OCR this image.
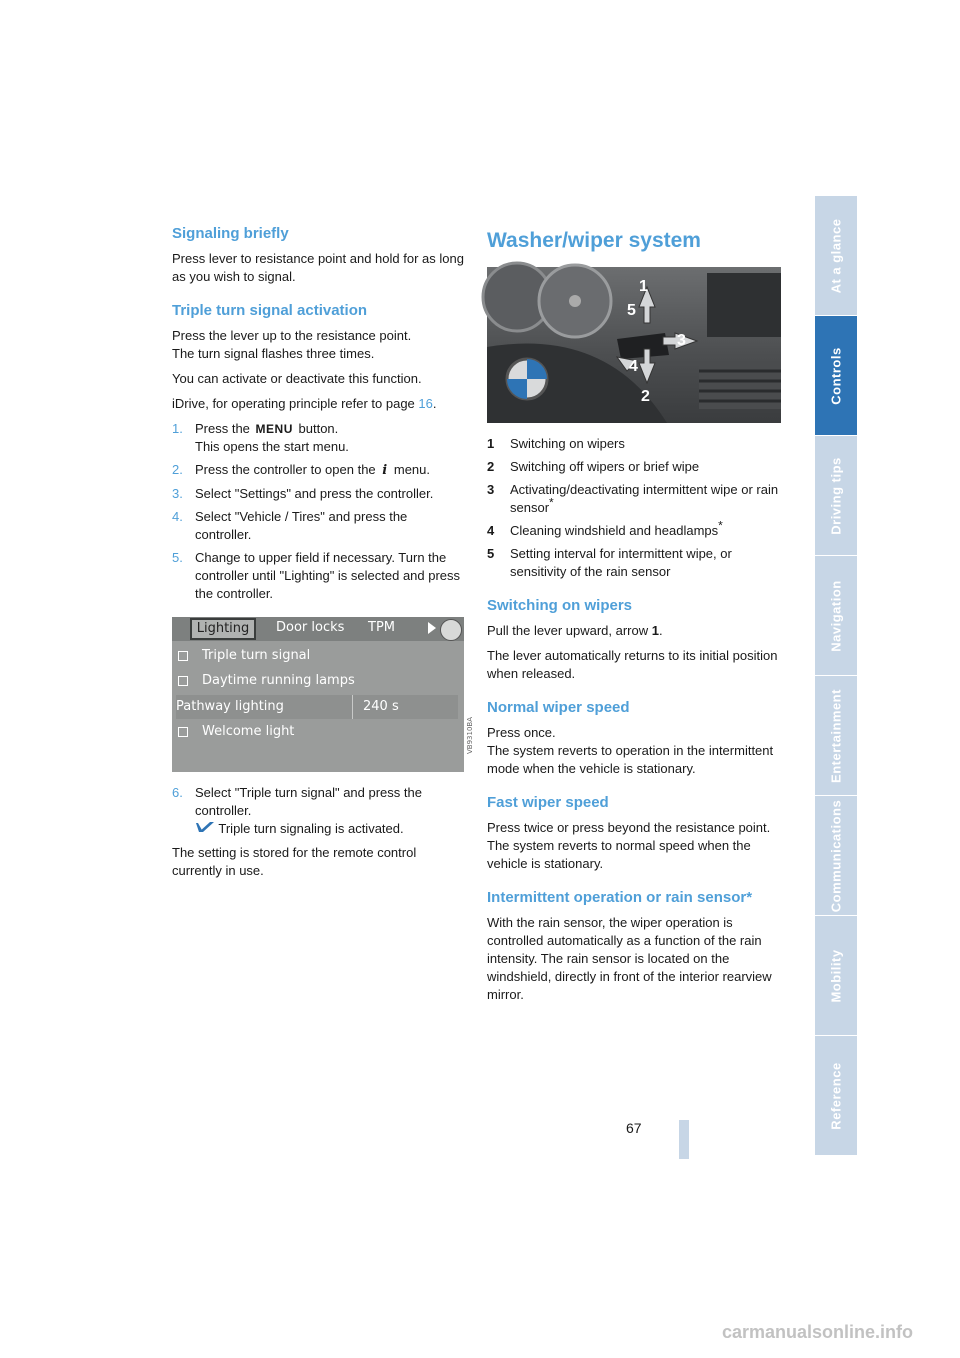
Signaling briefly

Press lever to resistance point and hold for as long as you wish to signal.

Triple turn signal activation

Press the lever up to the resistance point.
The turn signal flashes three times.

You can activate or deactivate this function.

iDrive, for operating principle refer to page 16.

1. Press the MENU button.
This opens the start menu.
2. Press the controller to open the i menu.
3. Select "Settings" and press the controller.
4. Select "Vehicle / Tires" and press the controller.
5. Change to upper field if necessary. Turn the controller until "Lighting" is selected and press the controller.
Lighting	Door locks TPM
Triple turn signal
Daytime running lamps
Pathway lighting	240 s
Welcome light	VB9310BA
6. Select "Triple turn signal" and press the controller.
Triple turn signaling is activated.

The setting is stored for the remote control currently in use.

Washer/wiper system
1
2
3
4
5
1	Switching on wipers
2	Switching off wipers or brief wipe
3	Activating/deactivating intermittent wipe or rain sensor*
4	Cleaning windshield and headlamps*
5	Setting interval for intermittent wipe, or sensitivity of the rain sensor
Switching on wipers

Pull the lever upward, arrow 1.

The lever automatically returns to its initial position when released.

Normal wiper speed

Press once.
The system reverts to operation in the intermittent mode when the vehicle is stationary.

Fast wiper speed

Press twice or press beyond the resistance point.
The system reverts to normal speed when the vehicle is stationary.

Intermittent operation or rain sensor*

With the rain sensor, the wiper operation is controlled automatically as a function of the rain intensity. The rain sensor is located on the windshield, directly in front of the interior rearview mirror.

At a glance
Controls
Driving tips
Navigation
Entertainment
Communications
Mobility
Reference
67
carmanualsonline.info
